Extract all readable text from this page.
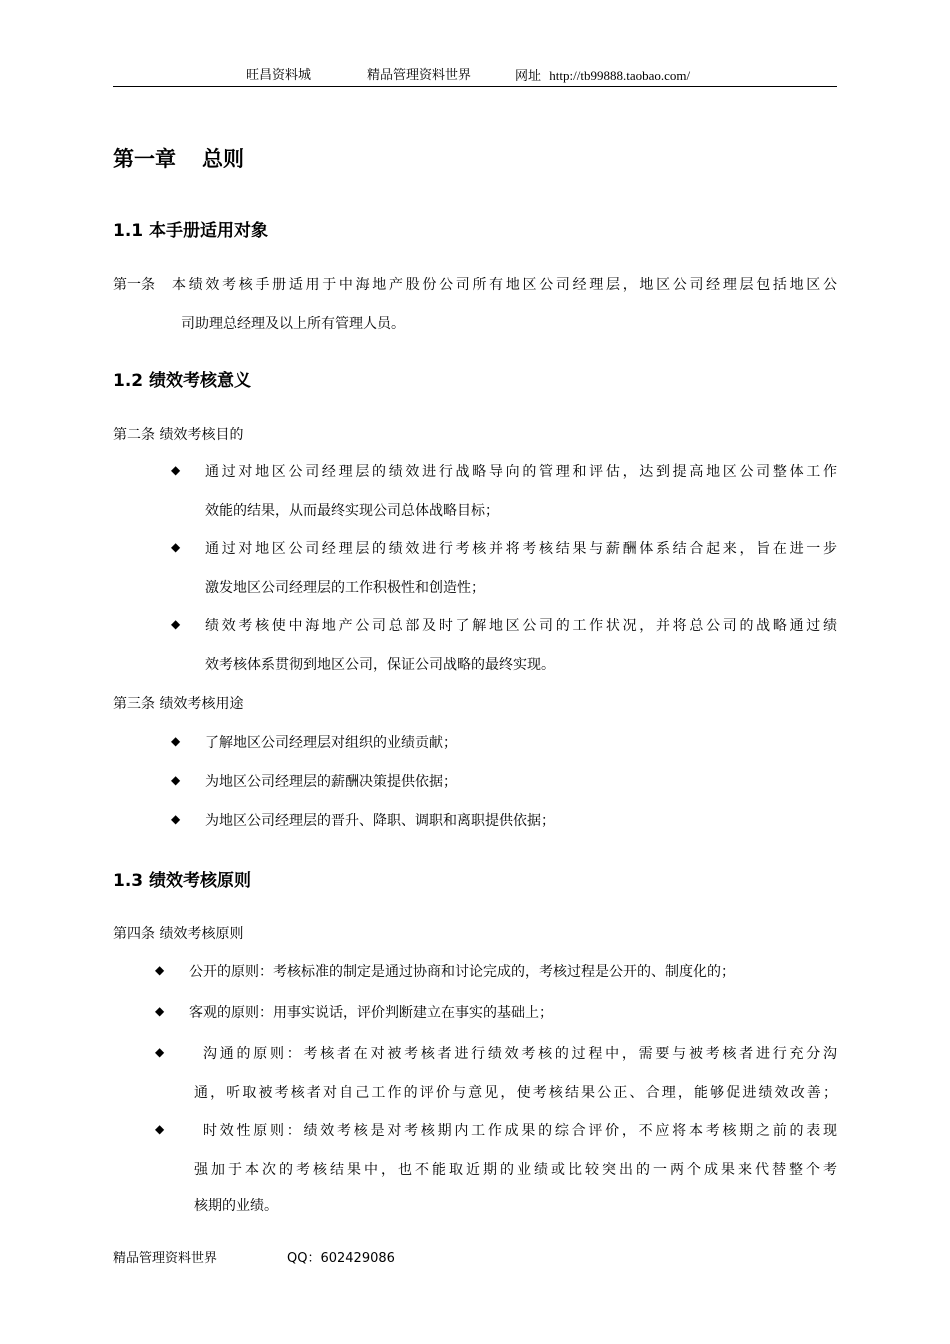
旺昌资料城	精品管理资料世界	网址 http://tb99888.taobao.com/
第一章 总则
1.1 本手册适用对象
第一条 本绩效考核手册适用于中海地产股份公司所有地区公司经理层，地区公司经理层包括地区公
司助理总经理及以上所有管理人员。
1.2 绩效考核意义
第二条 绩效考核目的
◆ 通过对地区公司经理层的绩效进行战略导向的管理和评估，达到提高地区公司整体工作
效能的结果，从而最终实现公司总体战略目标；
◆ 通过对地区公司经理层的绩效进行考核并将考核结果与薪酬体系结合起来，旨在进一步
激发地区公司经理层的工作积极性和创造性；
◆ 绩效考核使中海地产公司总部及时了解地区公司的工作状况，并将总公司的战略通过绩
效考核体系贯彻到地区公司，保证公司战略的最终实现。
第三条 绩效考核用途
◆ 了解地区公司经理层对组织的业绩贡献；
◆ 为地区公司经理层的薪酬决策提供依据；
◆ 为地区公司经理层的晋升、降职、调职和离职提供依据；
1.3 绩效考核原则
第四条 绩效考核原则
◆ 公开的原则：考核标准的制定是通过协商和讨论完成的，考核过程是公开的、制度化的；
◆ 客观的原则：用事实说话，评价判断建立在事实的基础上；
◆	沟通的原则：考核者在对被考核者进行绩效考核的过程中，需要与被考核者进行充分沟
通，听取被考核者对自己工作的评价与意见，使考核结果公正、合理，能够促进绩效改善；
◆	时效性原则：绩效考核是对考核期内工作成果的综合评价，不应将本考核期之前的表现
强加于本次的考核结果中，也不能取近期的业绩或比较突出的一两个成果来代替整个考
核期的业绩。
精品管理资料世界	QQ：602429086
